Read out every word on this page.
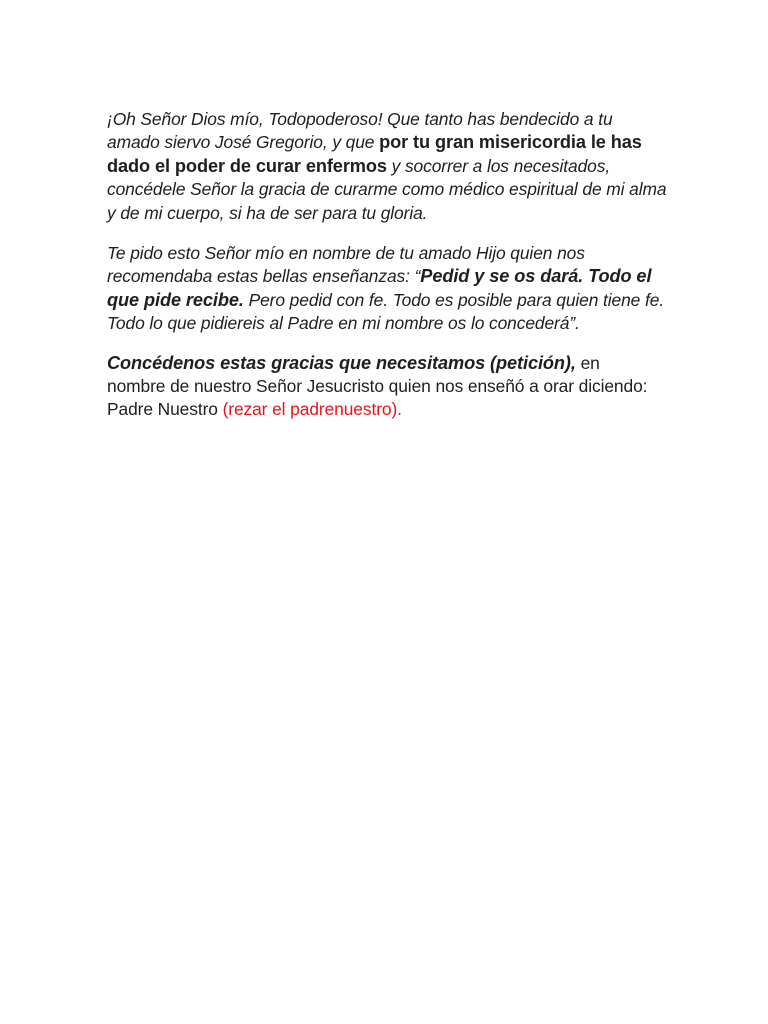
¡Oh Señor Dios mío, Todopoderoso! Que tanto has bendecido a tu amado siervo José Gregorio, y que por tu gran misericordia le has dado el poder de curar enfermos y socorrer a los necesitados, concédele Señor la gracia de curarme como médico espiritual de mi alma y de mi cuerpo, si ha de ser para tu gloria.

Te pido esto Señor mío en nombre de tu amado Hijo quien nos recomendaba estas bellas enseñanzas: “Pedid y se os dará. Todo el que pide recibe. Pero pedid con fe. Todo es posible para quien tiene fe. Todo lo que pidiereis al Padre en mi nombre os lo concederá”.

Concédenos estas gracias que necesitamos (petición), en
nombre de nuestro Señor Jesucristo quien nos enseñó a orar diciendo: Padre Nuestro (rezar el padrenuestro).
